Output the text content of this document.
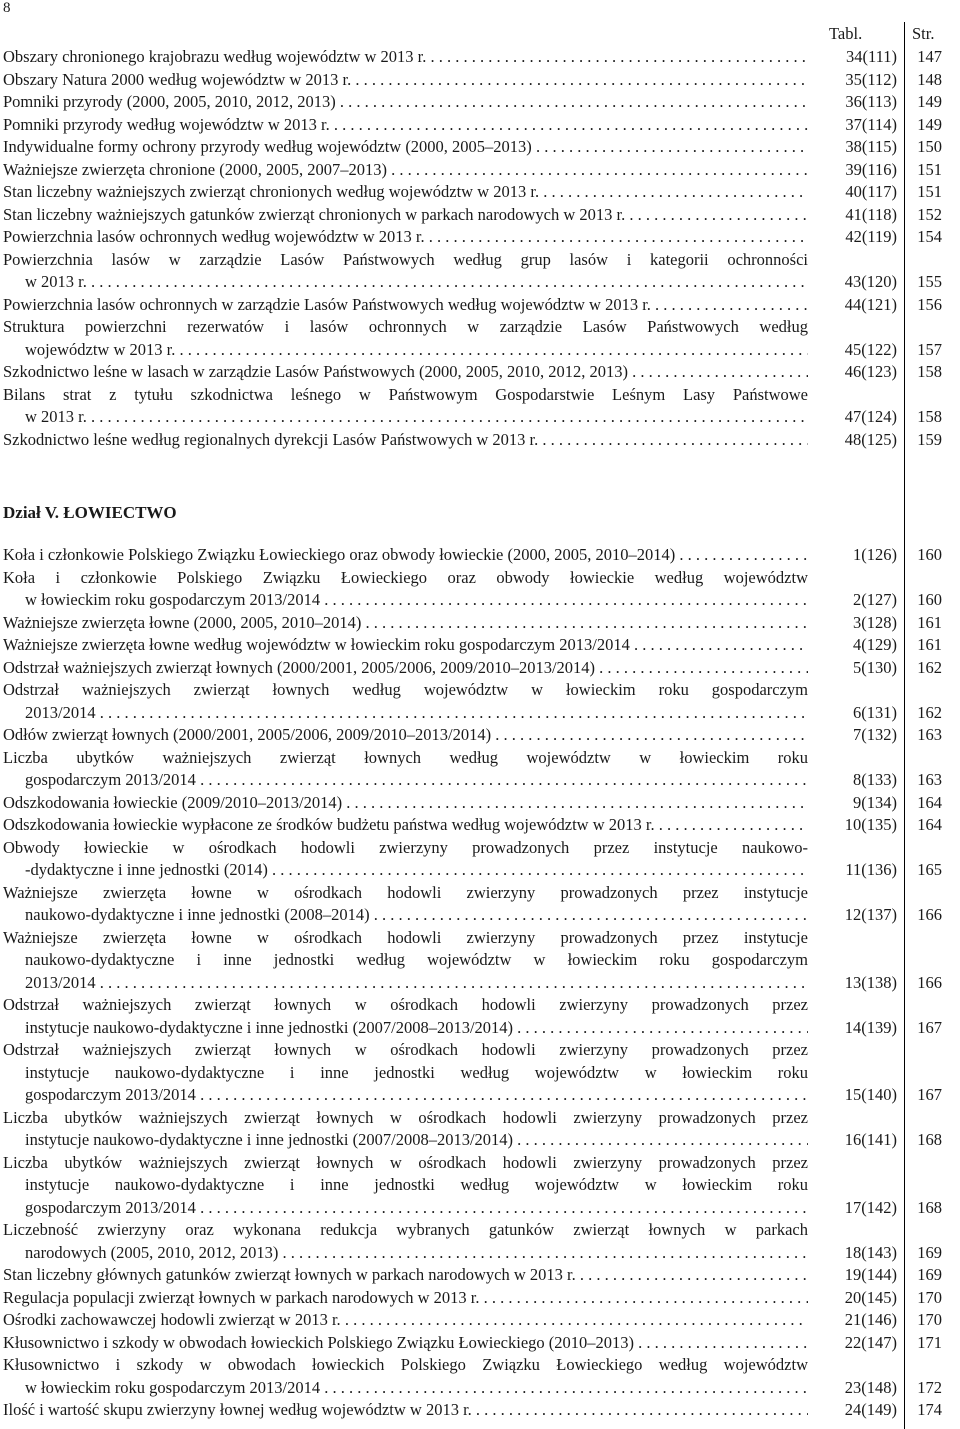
8
Tabl.	Str.
Dział V. ŁOWIECTWO
Obszary chronionego krajobrazu według województw w 2013 r. . . .	34(111)	147
Obszary Natura 2000 według województw w 2013 r. . . .	35(112)	148
Pomniki przyrody (2000, 2005, 2010, 2012, 2013) . . .	36(113)	149
Pomniki przyrody według województw w 2013 r. . . .	37(114)	149
Indywidualne formy ochrony przyrody według województw (2000, 2005–2013) . . .	38(115)	150
Ważniejsze zwierzęta chronione (2000, 2005, 2007–2013) . . .	39(116)	151
Stan liczebny ważniejszych zwierząt chronionych według województw w 2013 r. . . .	40(117)	151
Stan liczebny ważniejszych gatunków zwierząt chronionych w parkach narodowych w 2013 r. . . .	41(118)	152
Powierzchnia lasów ochronnych według województw w 2013 r. . . .	42(119)	154
Powierzchnia lasów w zarządzie Lasów Państwowych według grup lasów i kategorii ochronności
w 2013 r. . . .	43(120)	155
Powierzchnia lasów ochronnych w zarządzie Lasów Państwowych według województw w 2013 r. . . .	44(121)	156
Struktura powierzchni rezerwatów i lasów ochronnych w zarządzie Lasów Państwowych według
województw w 2013 r. . . .	45(122)	157
Szkodnictwo leśne w lasach w zarządzie Lasów Państwowych (2000, 2005, 2010, 2012, 2013) . . .	46(123)	158
Bilans strat z tytułu szkodnictwa leśnego w Państwowym Gospodarstwie Leśnym Lasy Państwowe
w 2013 r. . . .	47(124)	158
Szkodnictwo leśne według regionalnych dyrekcji Lasów Państwowych w 2013 r. . . .	48(125)	159
Koła i członkowie Polskiego Związku Łowieckiego oraz obwody łowieckie (2000, 2005, 2010–2014) . . .	1(126)	160
Koła i członkowie Polskiego Związku Łowieckiego oraz obwody łowieckie według województw
w łowieckim roku gospodarczym 2013/2014 . . .	2(127)	160
Ważniejsze zwierzęta łowne (2000, 2005, 2010–2014) . . .	3(128)	161
Ważniejsze zwierzęta łowne według województw w łowieckim roku gospodarczym 2013/2014 . . .	4(129)	161
Odstrzał ważniejszych zwierząt łownych (2000/2001, 2005/2006, 2009/2010–2013/2014) . . .	5(130)	162
Odstrzał ważniejszych zwierząt łownych według województw w łowieckim roku gospodarczym
2013/2014 . . .	6(131)	162
Odłów zwierząt łownych (2000/2001, 2005/2006, 2009/2010–2013/2014) . . .	7(132)	163
Liczba ubytków ważniejszych zwierząt łownych według województw w łowieckim roku
gospodarczym 2013/2014 . . .	8(133)	163
Odszkodowania łowieckie (2009/2010–2013/2014) . . .	9(134)	164
Odszkodowania łowieckie wypłacone ze środków budżetu państwa według województw w 2013 r. . . .	10(135)	164
Obwody łowieckie w ośrodkach hodowli zwierzyny prowadzonych przez instytucje naukowo-
-dydaktyczne i inne jednostki (2014) . . .	11(136)	165
Ważniejsze zwierzęta łowne w ośrodkach hodowli zwierzyny prowadzonych przez instytucje
naukowo-dydaktyczne i inne jednostki (2008–2014) . . .	12(137)	166
Ważniejsze zwierzęta łowne w ośrodkach hodowli zwierzyny prowadzonych przez instytucje
naukowo-dydaktyczne i inne jednostki według województw w łowieckim roku gospodarczym
2013/2014 . . .	13(138)	166
Odstrzał ważniejszych zwierząt łownych w ośrodkach hodowli zwierzyny prowadzonych przez
instytucje naukowo-dydaktyczne i inne jednostki (2007/2008–2013/2014) . . .	14(139)	167
Odstrzał ważniejszych zwierząt łownych w ośrodkach hodowli zwierzyny prowadzonych przez
instytucje naukowo-dydaktyczne i inne jednostki według województw w łowieckim roku
gospodarczym 2013/2014 . . .	15(140)	167
Liczba ubytków ważniejszych zwierząt łownych w ośrodkach hodowli zwierzyny prowadzonych przez
instytucje naukowo-dydaktyczne i inne jednostki (2007/2008–2013/2014) . . .	16(141)	168
Liczba ubytków ważniejszych zwierząt łownych w ośrodkach hodowli zwierzyny prowadzonych przez
instytucje naukowo-dydaktyczne i inne jednostki według województw w łowieckim roku
gospodarczym 2013/2014 . . .	17(142)	168
Liczebność zwierzyny oraz wykonana redukcja wybranych gatunków zwierząt łownych w parkach
narodowych (2005, 2010, 2012, 2013) . . .	18(143)	169
Stan liczebny głównych gatunków zwierząt łownych w parkach narodowych w 2013 r. . . .	19(144)	169
Regulacja populacji zwierząt łownych w parkach narodowych w 2013 r. . . .	20(145)	170
Ośrodki zachowawczej hodowli zwierząt w 2013 r. . . .	21(146)	170
Kłusownictwo i szkody w obwodach łowieckich Polskiego Związku Łowieckiego (2010–2013) . . .	22(147)	171
Kłusownictwo i szkody w obwodach łowieckich Polskiego Związku Łowieckiego według województw
w łowieckim roku gospodarczym 2013/2014 . . .	23(148)	172
Ilość i wartość skupu zwierzyny łownej według województw w 2013 r. . . .	24(149)	174
